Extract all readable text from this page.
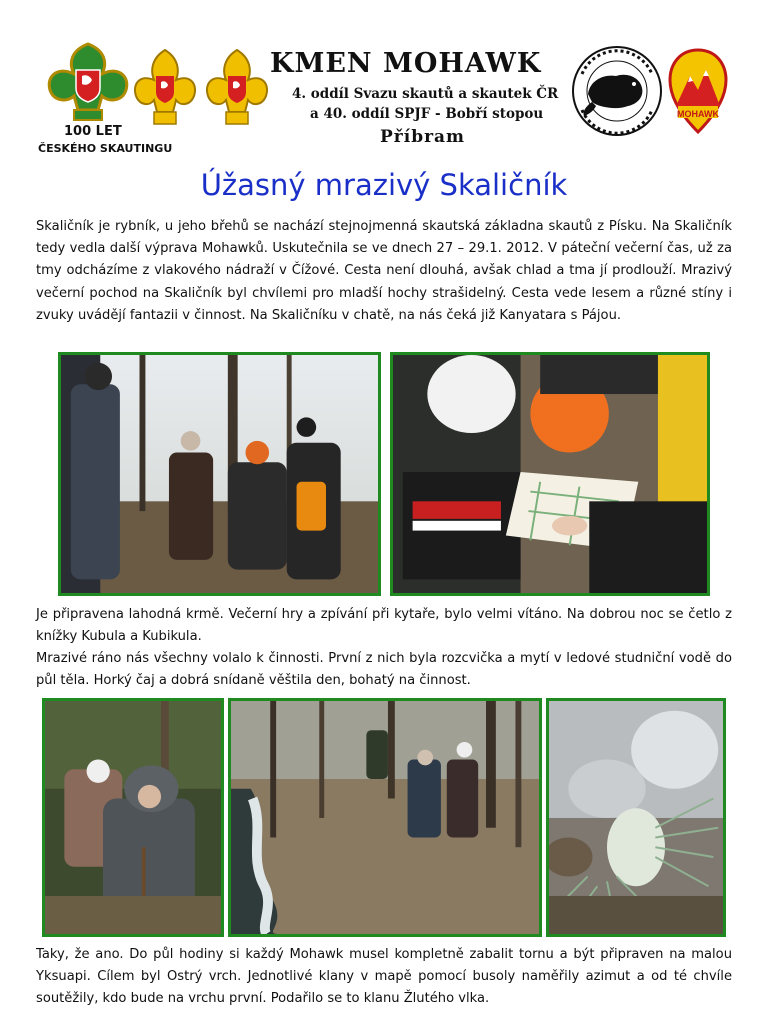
100 LET
ČESKÉHO SKAUTINGU
KMEN MOHAWK
4. oddíl Svazu skautů a skautek ČR
a 40. oddíl SPJF - Bobří stopou
Příbram
MOHAWK
Úžasný mrazivý Skaličník
Skaličník je rybník, u jeho břehů se nachází stejnojmenná skautská základna skautů z Písku. Na Skaličník tedy vedla další výprava Mohawků. Uskutečnila se ve dnech 27 – 29.1. 2012. V páteční večerní čas, už za tmy odcházíme z vlakového nádraží v Čížové. Cesta není dlouhá, avšak chlad a tma jí prodlouží. Mrazivý večerní pochod na Skaličník byl chvílemi pro mladší hochy strašidelný. Cesta vede lesem a různé stíny i zvuky uvádějí fantazii v činnost. Na Skaličníku v chatě, na nás čeká již Kanyatara s Pájou.
Je připravena lahodná krmě. Večerní hry a zpívání při kytaře, bylo velmi vítáno. Na dobrou noc se četlo z knížky Kubula a Kubikula.
Mrazivé ráno nás všechny volalo k činnosti. První z nich byla rozcvička a mytí v ledové studniční vodě do půl těla. Horký čaj a dobrá snídaně věštila den, bohatý na činnost.
Taky, že ano. Do půl hodiny si každý Mohawk musel kompletně zabalit tornu a být připraven na malou Yksuapi. Cílem byl Ostrý vrch. Jednotlivé klany v mapě pomocí busoly naměřily azimut a od té chvíle soutěžily, kdo bude na vrchu první. Podařilo se to klanu Žlutého vlka.
